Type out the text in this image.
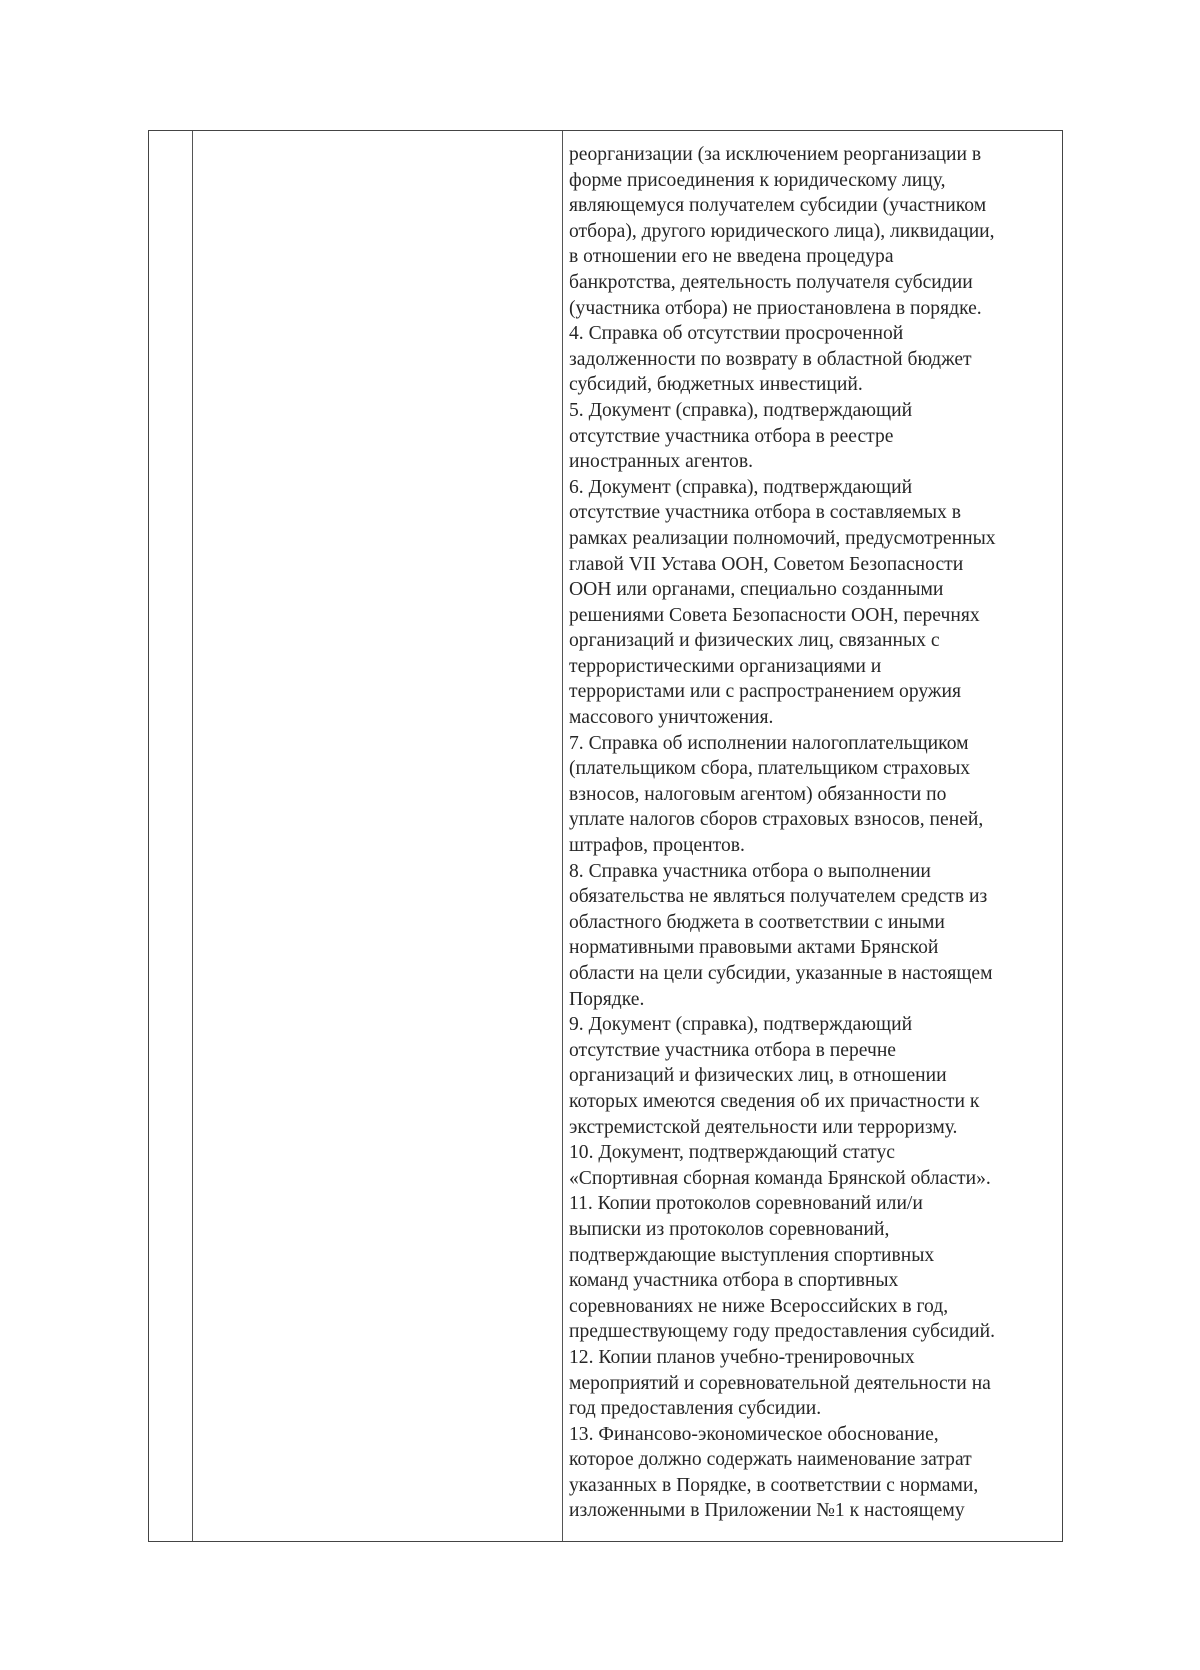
реорганизации (за исключением реорганизации в
форме присоединения к юридическому лицу,
являющемуся получателем субсидии (участником
отбора), другого юридического лица), ликвидации,
в отношении его не введена процедура
банкротства, деятельность получателя субсидии
(участника отбора) не приостановлена в порядке.
4. Справка об отсутствии просроченной
задолженности по возврату в областной бюджет
субсидий, бюджетных инвестиций.
5. Документ (справка), подтверждающий
отсутствие участника отбора в реестре
иностранных агентов.
6. Документ (справка), подтверждающий
отсутствие участника отбора в составляемых в
рамках реализации полномочий, предусмотренных
главой VII Устава ООН, Советом Безопасности
ООН или органами, специально созданными
решениями Совета Безопасности ООН, перечнях
организаций и физических лиц, связанных с
террористическими организациями и
террористами или с распространением оружия
массового уничтожения.
7. Справка об исполнении налогоплательщиком
(плательщиком сбора, плательщиком страховых
взносов, налоговым агентом) обязанности по
уплате налогов сборов страховых взносов, пеней,
штрафов, процентов.
8. Справка участника отбора о выполнении
обязательства не являться получателем средств из
областного бюджета в соответствии с иными
нормативными правовыми актами Брянской
области на цели субсидии, указанные в настоящем
Порядке.
9. Документ (справка), подтверждающий
отсутствие участника отбора в перечне
организаций и физических лиц, в отношении
которых имеются сведения об их причастности к
экстремистской деятельности или терроризму.
10. Документ, подтверждающий статус
«Спортивная сборная команда Брянской области».
11. Копии протоколов соревнований или/и
выписки из протоколов соревнований,
подтверждающие выступления спортивных
команд участника отбора в спортивных
соревнованиях не ниже Всероссийских в год,
предшествующему году предоставления субсидий.
12. Копии планов учебно-тренировочных
мероприятий и соревновательной деятельности на
год предоставления субсидии.
13. Финансово-экономическое обоснование,
которое должно содержать наименование затрат
указанных в Порядке, в соответствии с нормами,
изложенными в Приложении №1 к настоящему
